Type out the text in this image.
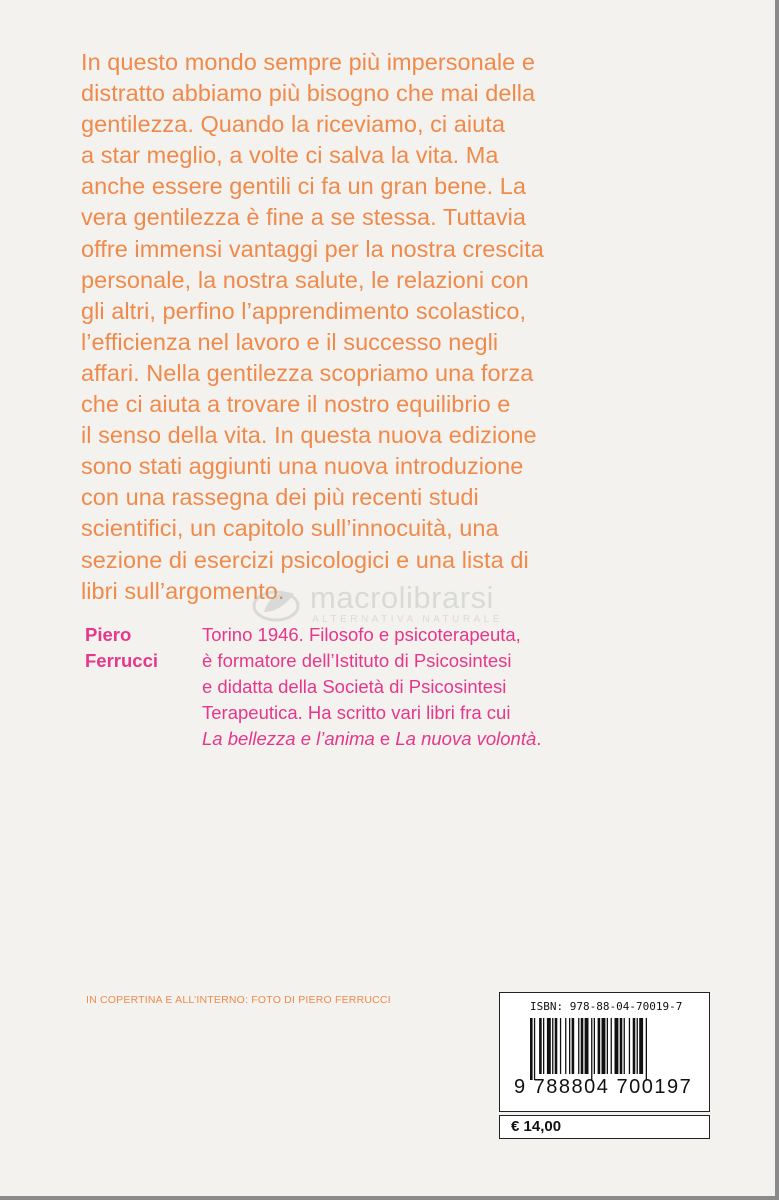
In questo mondo sempre più impersonale e
distratto abbiamo più bisogno che mai della
gentilezza. Quando la riceviamo, ci aiuta
a star meglio, a volte ci salva la vita. Ma
anche essere gentili ci fa un gran bene. La
vera gentilezza è fine a se stessa. Tuttavia
offre immensi vantaggi per la nostra crescita
personale, la nostra salute, le relazioni con
gli altri, perfino l’apprendimento scolastico,
l’efficienza nel lavoro e il successo negli
affari. Nella gentilezza scopriamo una forza
che ci aiuta a trovare il nostro equilibrio e
il senso della vita. In questa nuova edizione
sono stati aggiunti una nuova introduzione
con una rassegna dei più recenti studi
scientifici, un capitolo sull’innocuità, una
sezione di esercizi psicologici e una lista di
libri sull’argomento. macrolibrarsi
ALTERNATIVA NATURALE
Piero
Ferrucci
Torino 1946. Filosofo e psicoterapeuta,
è formatore dell’Istituto di Psicosintesi
e didatta della Società di Psicosintesi
Terapeutica. Ha scritto vari libri fra cui
La bellezza e l’anima e La nuova volontà.
IN COPERTINA E ALL’INTERNO: FOTO DI PIERO FERRUCCI	ISBN: 978-88-04-70019-7
9 788804 700197
€ 14,00
